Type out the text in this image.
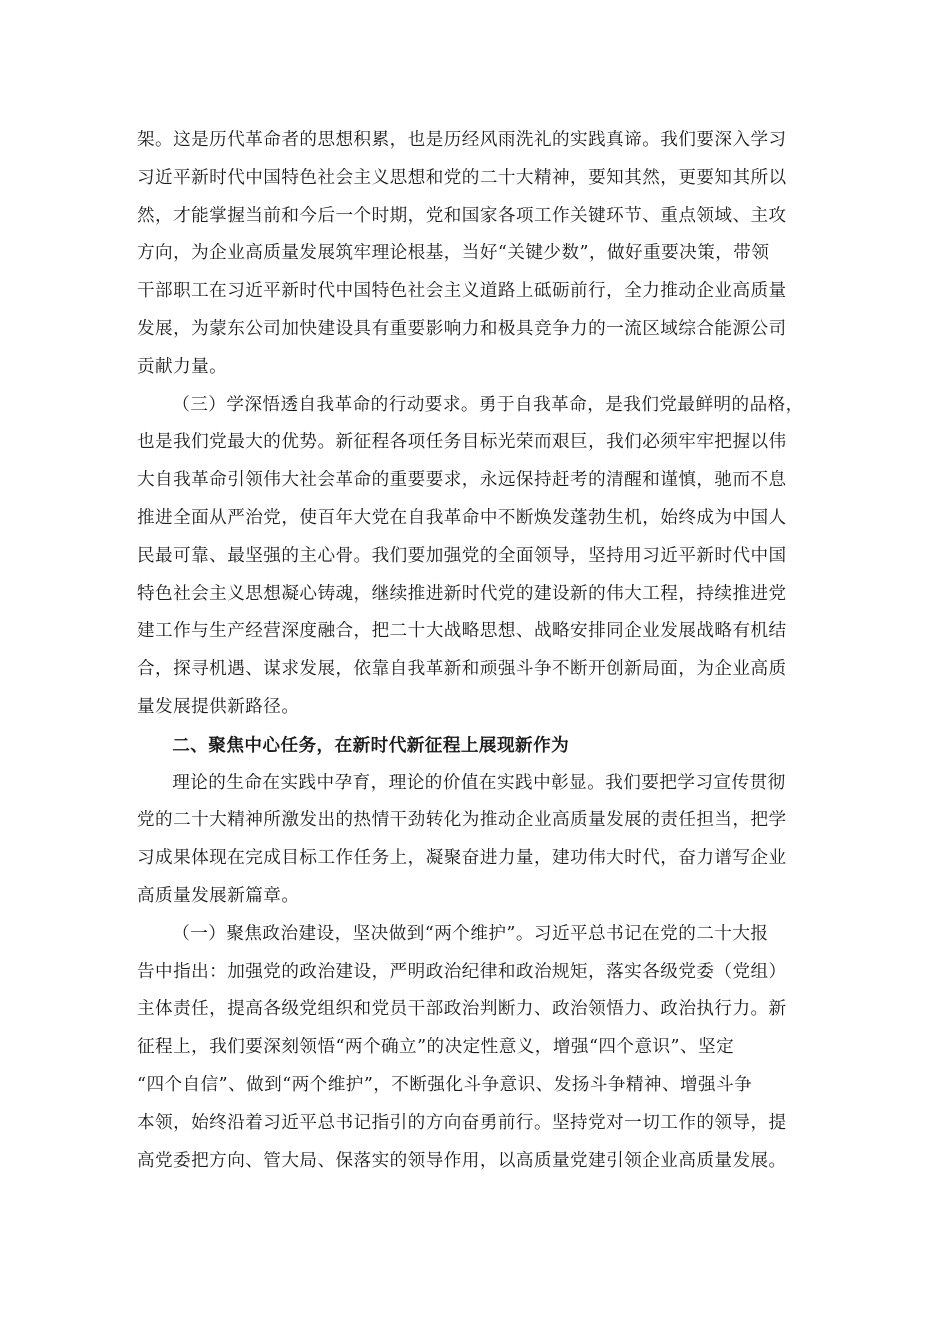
架。这是历代革命者的思想积累，也是历经风雨洗礼的实践真谛。我们要深入学习
习近平新时代中国特色社会主义思想和党的二十大精神，要知其然，更要知其所以
然，才能掌握当前和今后一个时期，党和国家各项工作关键环节、重点领域、主攻
方向，为企业高质量发展筑牢理论根基，当好“关键少数”，做好重要决策，带领
干部职工在习近平新时代中国特色社会主义道路上砥砺前行，全力推动企业高质量
发展，为蒙东公司加快建设具有重要影响力和极具竞争力的一流区域综合能源公司
贡献力量。

（三）学深悟透自我革命的行动要求。勇于自我革命，是我们党最鲜明的品格，
也是我们党最大的优势。新征程各项任务目标光荣而艰巨，我们必须牢牢把握以伟
大自我革命引领伟大社会革命的重要要求，永远保持赶考的清醒和谨慎，驰而不息
推进全面从严治党，使百年大党在自我革命中不断焕发蓬勃生机，始终成为中国人
民最可靠、最坚强的主心骨。我们要加强党的全面领导，坚持用习近平新时代中国
特色社会主义思想凝心铸魂，继续推进新时代党的建设新的伟大工程，持续推进党
建工作与生产经营深度融合，把二十大战略思想、战略安排同企业发展战略有机结
合，探寻机遇、谋求发展，依靠自我革新和顽强斗争不断开创新局面，为企业高质
量发展提供新路径。

二、聚焦中心任务，在新时代新征程上展现新作为

理论的生命在实践中孕育，理论的价值在实践中彰显。我们要把学习宣传贯彻
党的二十大精神所激发出的热情干劲转化为推动企业高质量发展的责任担当，把学
习成果体现在完成目标工作任务上，凝聚奋进力量，建功伟大时代，奋力谱写企业
高质量发展新篇章。

（一）聚焦政治建设，坚决做到“两个维护”。习近平总书记在党的二十大报
告中指出：加强党的政治建设，严明政治纪律和政治规矩，落实各级党委（党组）
主体责任，提高各级党组织和党员干部政治判断力、政治领悟力、政治执行力。新
征程上，我们要深刻领悟“两个确立”的决定性意义，增强“四个意识”、坚定
“四个自信”、做到“两个维护”，不断强化斗争意识、发扬斗争精神、增强斗争
本领，始终沿着习近平总书记指引的方向奋勇前行。坚持党对一切工作的领导，提
高党委把方向、管大局、保落实的领导作用，以高质量党建引领企业高质量发展。
